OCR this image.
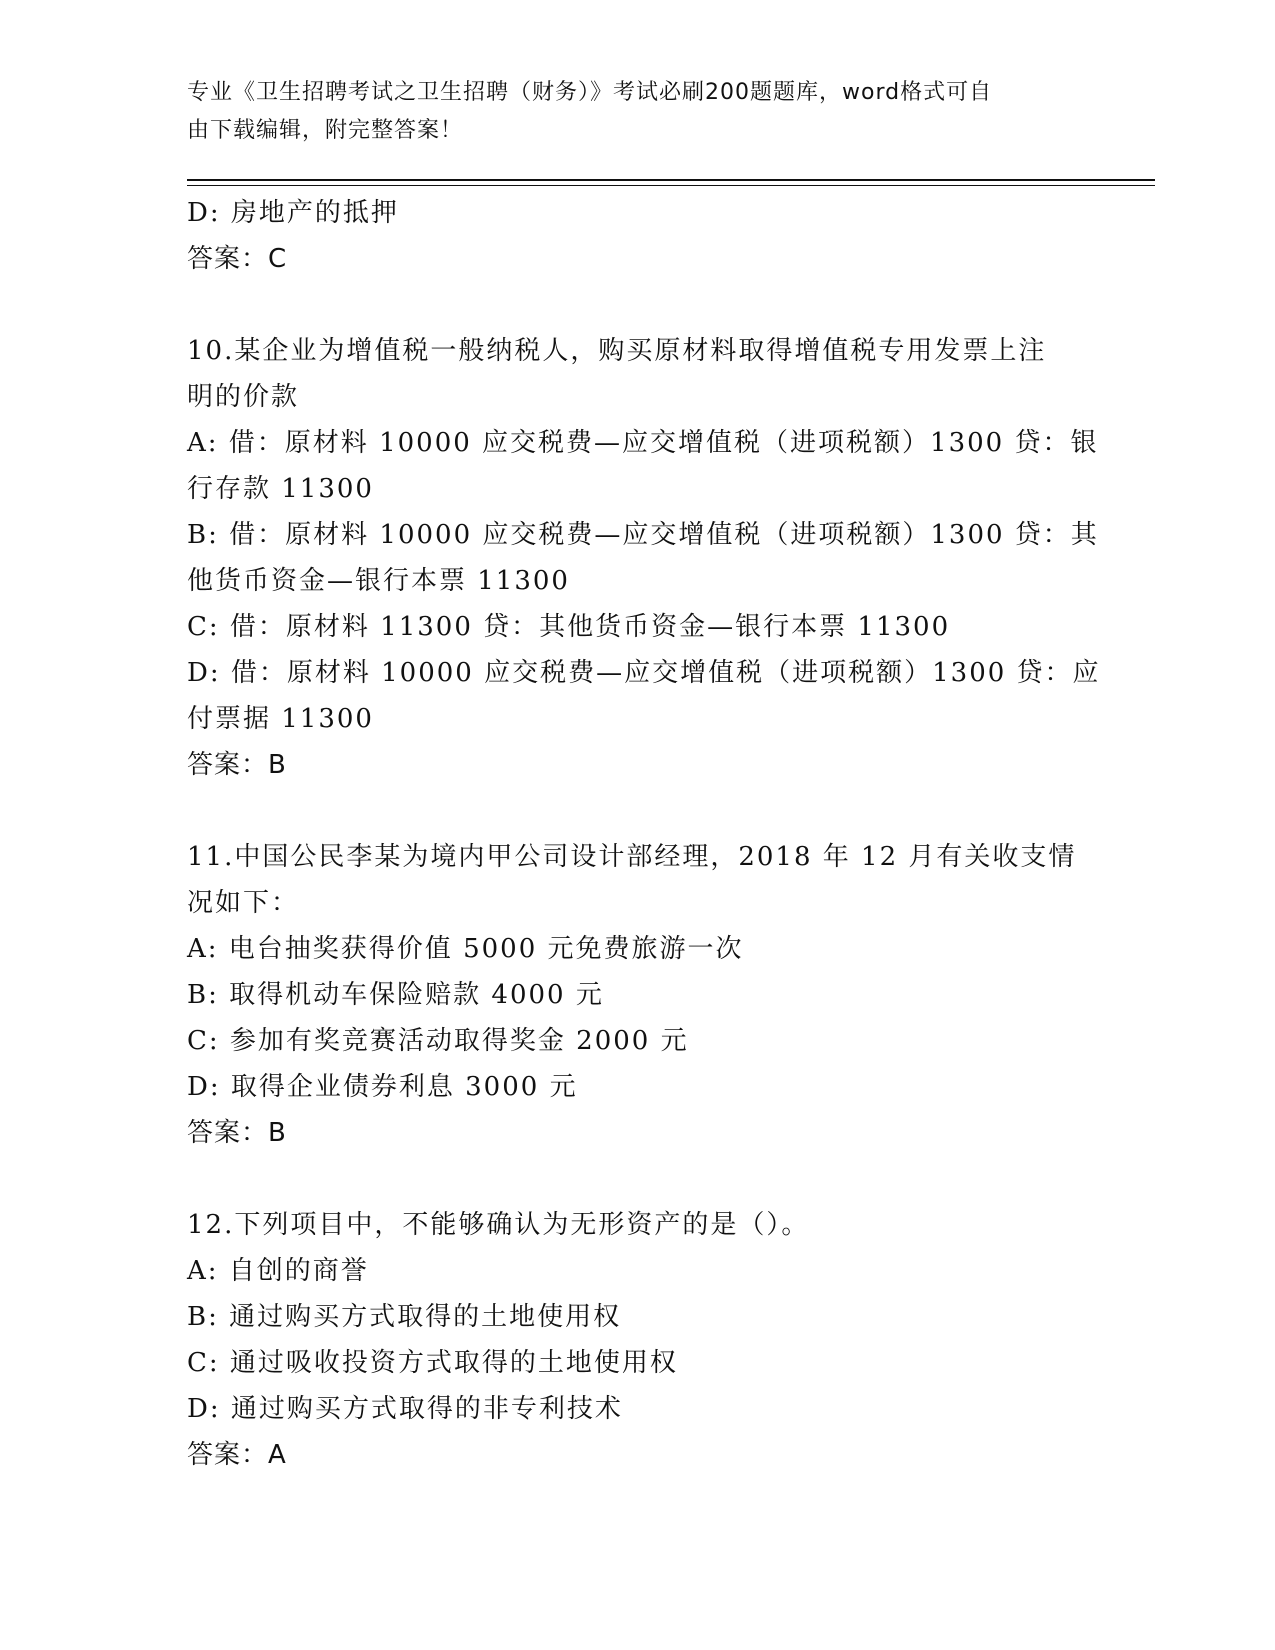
专业《卫生招聘考试之卫生招聘（财务）》考试必刷200题题库，word格式可自
由下载编辑，附完整答案！
D: 房地产的抵押
答案：C
10.某企业为增值税一般纳税人，购买原材料取得增值税专用发票上注
明的价款
A: 借：原材料 10000 应交税费—应交增值税（进项税额）1300 贷：银
行存款 11300
B: 借：原材料 10000 应交税费—应交增值税（进项税额）1300 贷：其
他货币资金—银行本票 11300
C: 借：原材料 11300 贷：其他货币资金—银行本票 11300
D: 借：原材料 10000 应交税费—应交增值税（进项税额）1300 贷：应
付票据 11300
答案：B
11.中国公民李某为境内甲公司设计部经理，2018 年 12 月有关收支情
况如下：
A: 电台抽奖获得价值 5000 元免费旅游一次
B: 取得机动车保险赔款 4000 元
C: 参加有奖竞赛活动取得奖金 2000 元
D: 取得企业债券利息 3000 元
答案：B
12.下列项目中，不能够确认为无形资产的是（）。
A: 自创的商誉
B: 通过购买方式取得的土地使用权
C: 通过吸收投资方式取得的土地使用权
D: 通过购买方式取得的非专利技术
答案：A
